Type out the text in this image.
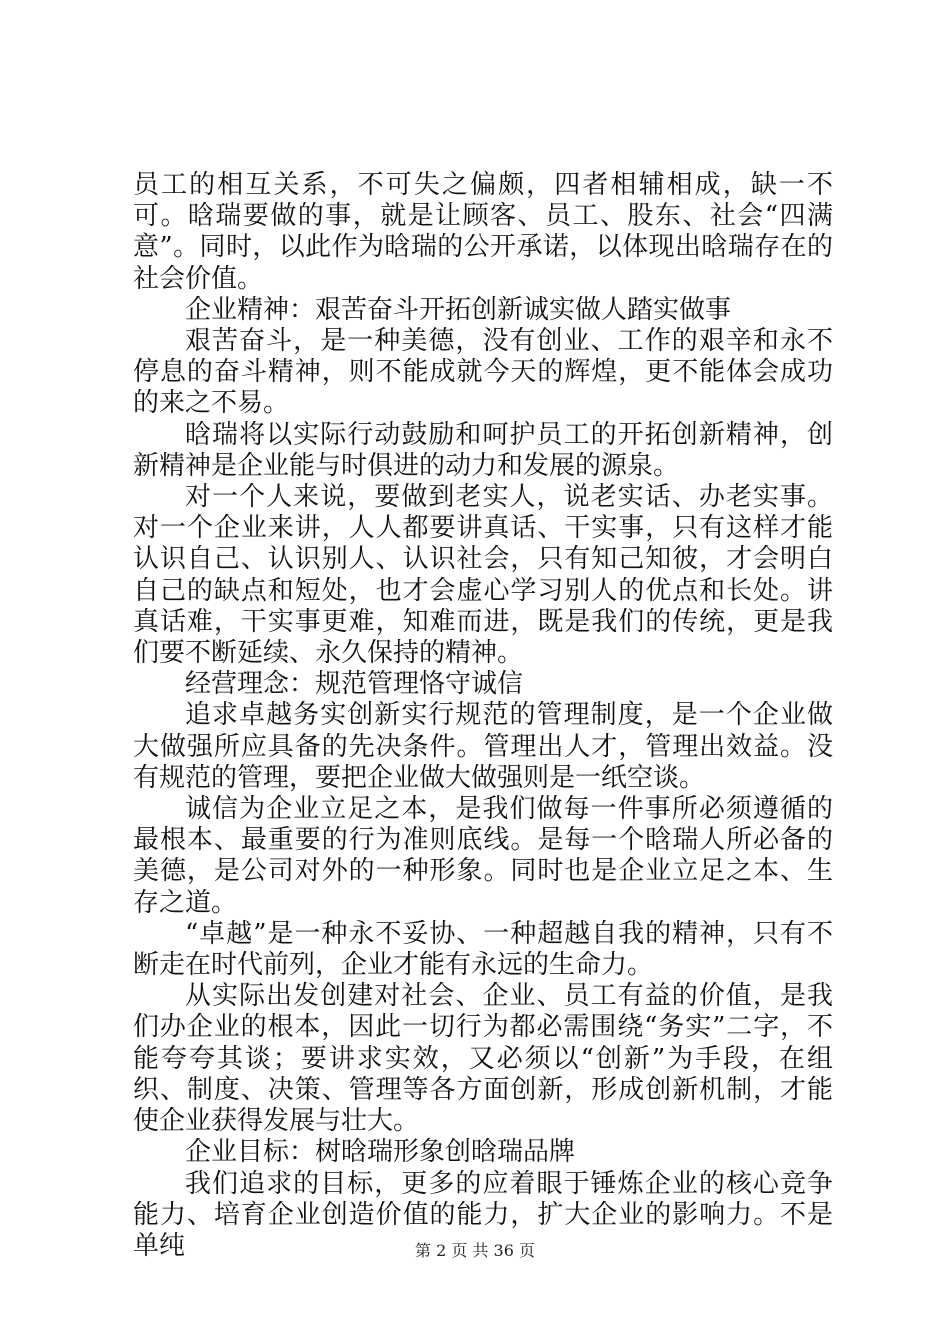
员工的相互关系，不可失之偏颇，四者相辅相成，缺一不可。晗瑞要做的事，就是让顾客、员工、股东、社会“四满意”。同时，以此作为晗瑞的公开承诺，以体现出晗瑞存在的社会价值。

企业精神：艰苦奋斗开拓创新诚实做人踏实做事

艰苦奋斗，是一种美德，没有创业、工作的艰辛和永不停息的奋斗精神，则不能成就今天的辉煌，更不能体会成功的来之不易。

晗瑞将以实际行动鼓励和呵护员工的开拓创新精神，创新精神是企业能与时俱进的动力和发展的源泉。

对一个人来说，要做到老实人，说老实话、办老实事。对一个企业来讲，人人都要讲真话、干实事，只有这样才能认识自己、认识别人、认识社会，只有知己知彼，才会明白自己的缺点和短处，也才会虚心学习别人的优点和长处。讲真话难，干实事更难，知难而进，既是我们的传统，更是我们要不断延续、永久保持的精神。

经营理念：规范管理恪守诚信

追求卓越务实创新实行规范的管理制度，是一个企业做大做强所应具备的先决条件。管理出人才，管理出效益。没有规范的管理，要把企业做大做强则是一纸空谈。

诚信为企业立足之本，是我们做每一件事所必须遵循的最根本、最重要的行为准则底线。是每一个晗瑞人所必备的美德，是公司对外的一种形象。同时也是企业立足之本、生存之道。

“卓越”是一种永不妥协、一种超越自我的精神，只有不断走在时代前列，企业才能有永远的生命力。

从实际出发创建对社会、企业、员工有益的价值，是我们办企业的根本，因此一切行为都必需围绕“务实”二字，不能夸夸其谈；要讲求实效，又必须以“创新”为手段，在组织、制度、决策、管理等各方面创新，形成创新机制，才能使企业获得发展与壮大。

企业目标：树晗瑞形象创晗瑞品牌

我们追求的目标，更多的应着眼于锤炼企业的核心竞争能力、培育企业创造价值的能力，扩大企业的影响力。不是单纯	第 2 页 共 36 页
